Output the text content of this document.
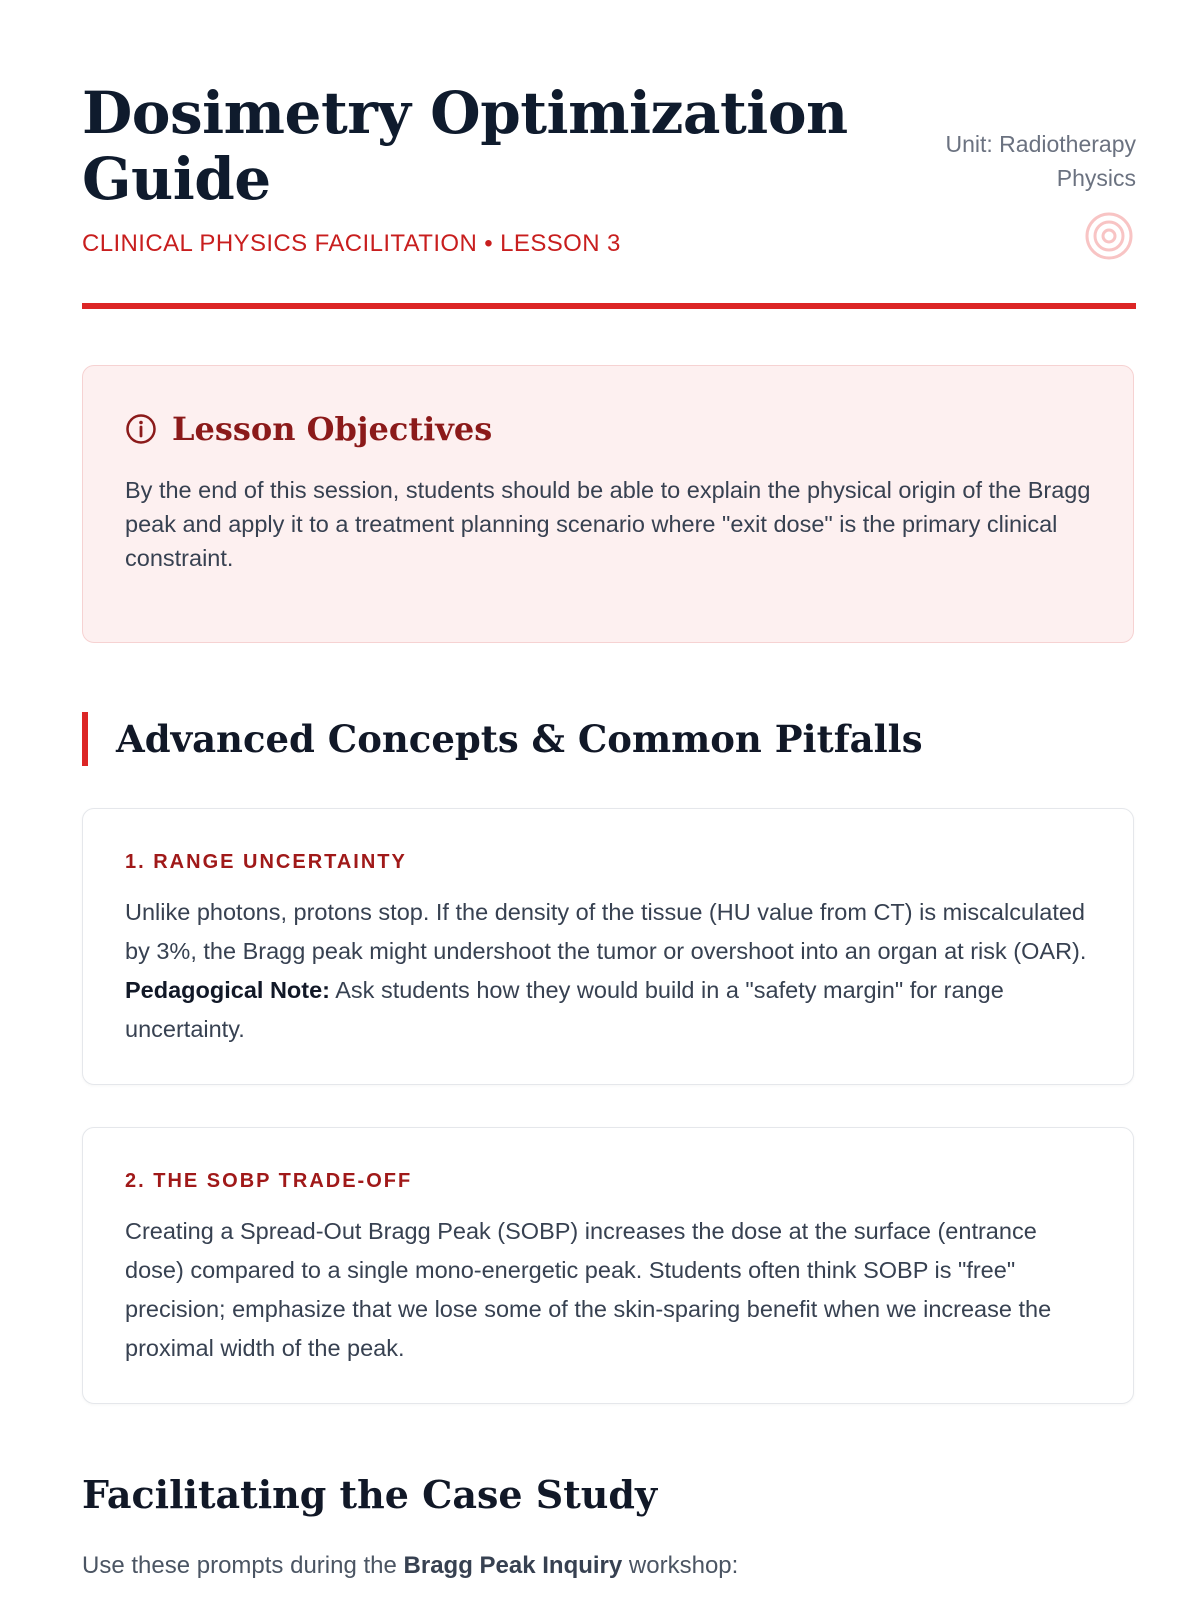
Dosimetry Optimization Guide
CLINICAL PHYSICS FACILITATION • LESSON 3
Unit: Radiotherapy Physics
Lesson Objectives

By the end of this session, students should be able to explain the physical origin of the Bragg peak and apply it to a treatment planning scenario where "exit dose" is the primary clinical constraint.

Advanced Concepts & Common Pitfalls
1. RANGE UNCERTAINTY

Unlike photons, protons stop. If the density of the tissue (HU value from CT) is miscalculated by 3%, the Bragg peak might undershoot the tumor or overshoot into an organ at risk (OAR). Pedagogical Note: Ask students how they would build in a "safety margin" for range uncertainty.

2. THE SOBP TRADE-OFF

Creating a Spread-Out Bragg Peak (SOBP) increases the dose at the surface (entrance dose) compared to a single mono-energetic peak. Students often think SOBP is "free" precision; emphasize that we lose some of the skin-sparing benefit when we increase the proximal width of the peak.

Facilitating the Case Study

Use these prompts during the Bragg Peak Inquiry workshop:
